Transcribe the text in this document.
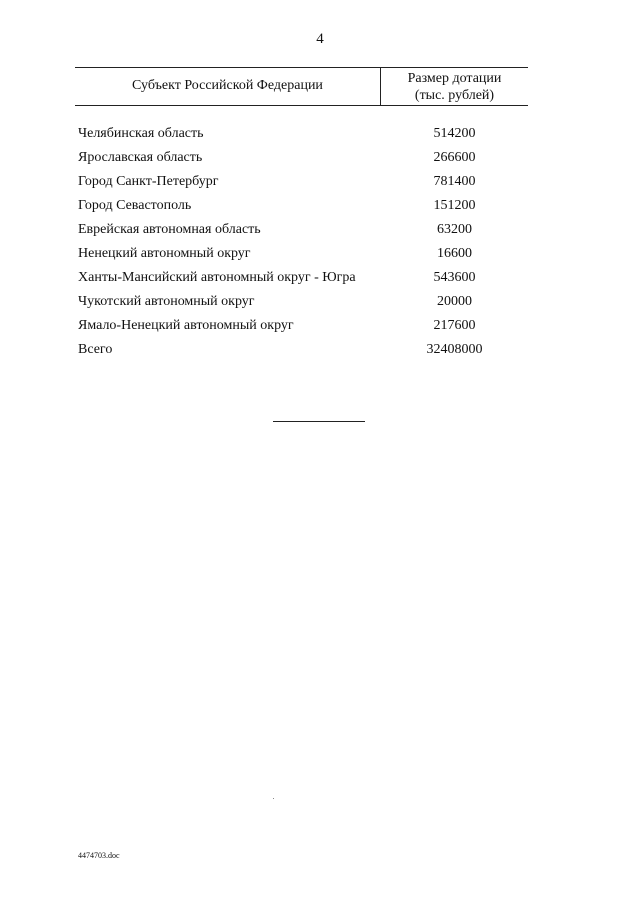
4
Субъект Российской Федерации	Размер дотации
(тыс. рублей)
Челябинская область	514200
Ярославская область	266600
Город Санкт-Петербург	781400
Город Севастополь	151200
Еврейская автономная область	63200
Ненецкий автономный округ	16600
Ханты-Мансийский автономный округ - Югра	543600
Чукотский автономный округ	20000
Ямало-Ненецкий автономный округ	217600
Всего	32408000
4474703.doc
